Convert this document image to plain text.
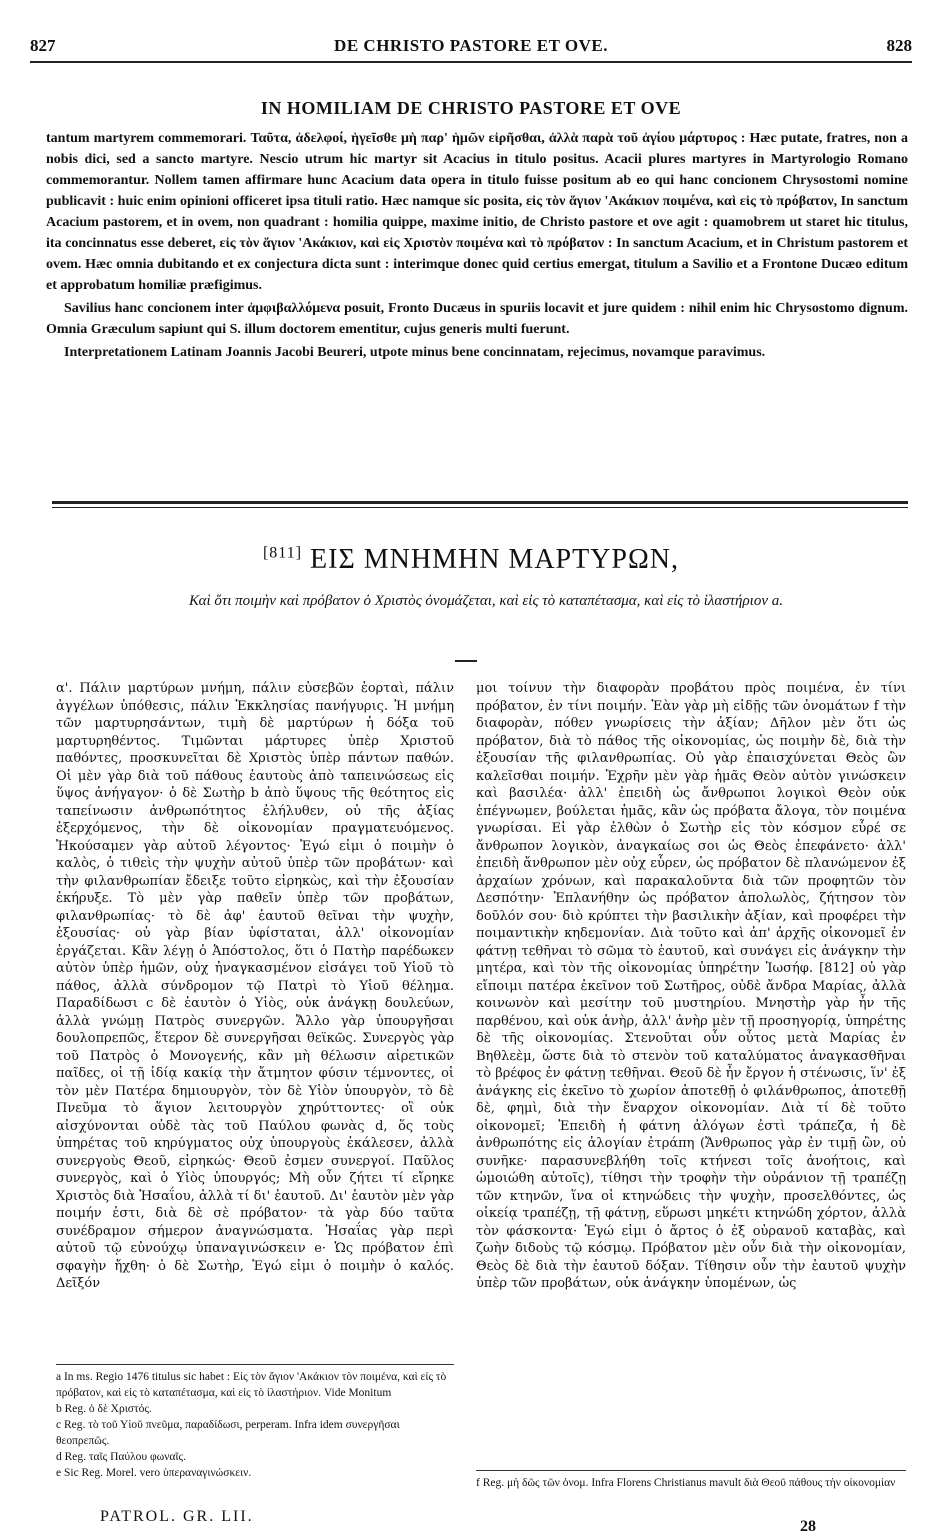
827	DE CHRISTO PASTORE ET OVE.	828
IN HOMILIAM DE CHRISTO PASTORE ET OVE

tantum martyrem commemorari. Ταῦτα, ἀδελφοί, ἡγεῖσθε μὴ παρ' ἡμῶν εἰρῆσθαι, ἀλλὰ παρὰ τοῦ ἁγίου μάρτυρος : Hæc putate, fratres, non a nobis dici, sed a sancto martyre. Nescio utrum hic martyr sit Acacius in titulo positus. Acacii plures martyres in Martyrologio Romano commemorantur. Nollem tamen affirmare hunc Acacium data opera in titulo fuisse positum ab eo qui hanc concionem Chrysostomi nomine publicavit : huic enim opinioni officeret ipsa tituli ratio. Hæc namque sic posita, εἰς τὸν ἅγιον 'Ακάκιον ποιμένα, καὶ εἰς τὸ πρόβατον, In sanctum Acacium pastorem, et in ovem, non quadrant : homilia quippe, maxime initio, de Christo pastore et ove agit : quamobrem ut staret hic titulus, ita concinnatus esse deberet, εἰς τὸν ἅγιον 'Ακάκιον, καὶ εἰς Χριστὸν ποιμένα καὶ τὸ πρόβατον : In sanctum Acacium, et in Christum pastorem et ovem. Hæc omnia dubitando et ex conjectura dicta sunt : interimque donec quid certius emergat, titulum a Savilio et a Frontone Ducæo editum et approbatum homiliæ præfigimus.

Savilius hanc concionem inter ἀμφιβαλλόμενα posuit, Fronto Ducæus in spuriis locavit et jure quidem : nihil enim hic Chrysostomo dignum. Omnia Græculum sapiunt qui S. illum doctorem ementitur, cujus generis multi fuerunt.

Interpretationem Latinam Joannis Jacobi Beureri, utpote minus bene concinnatam, rejecimus, novamque paravimus.

[811] ΕΙΣ ΜΝΗΜΗΝ ΜΑΡΤΥΡΩΝ,
Καὶ ὅτι ποιμὴν καὶ πρόβατον ὁ Χριστὸς ὀνομάζεται, καὶ εἰς τὸ καταπέτασμα, καὶ εἰς τὸ ἱλαστήριον a.

α'. Πάλιν μαρτύρων μνήμη, πάλιν εὐσεβῶν ἑορταὶ, πάλιν ἀγγέλων ὑπόθεσις, πάλιν Ἐκκλησίας πανήγυρις. Ἡ μνήμη τῶν μαρτυρησάντων, τιμὴ δὲ μαρτύρων ἡ δόξα τοῦ μαρτυρηθέντος. Τιμῶνται μάρτυρες ὑπὲρ Χριστοῦ παθόντες, προσκυνεῖται δὲ Χριστὸς ὑπὲρ πάντων παθών. Οἱ μὲν γὰρ διὰ τοῦ πάθους ἑαυτοὺς ἀπὸ ταπεινώσεως εἰς ὕψος ἀνήγαγον· ὁ δὲ Σωτὴρ b ἀπὸ ὕψους τῆς θεότητος εἰς ταπείνωσιν ἀνθρωπότητος ἐλήλυθεν, οὐ τῆς ἀξίας ἐξερχόμενος, τὴν δὲ οἰκονομίαν πραγματευόμενος. Ἠκούσαμεν γὰρ αὐτοῦ λέγοντος· Ἐγώ εἰμι ὁ ποιμὴν ὁ καλὸς, ὁ τιθεὶς τὴν ψυχὴν αὐτοῦ ὑπὲρ τῶν προβάτων· καὶ τὴν φιλανθρωπίαν ἔδειξε τοῦτο εἰρηκὼς, καὶ τὴν ἐξουσίαν ἐκήρυξε. Τὸ μὲν γὰρ παθεῖν ὑπὲρ τῶν προβάτων, φιλανθρωπίας· τὸ δὲ ἀφ' ἑαυτοῦ θεῖναι τὴν ψυχὴν, ἐξουσίας· οὐ γὰρ βίαν ὑφίσταται, ἀλλ' οἰκονομίαν ἐργάζεται. Κἂν λέγῃ ὁ Ἀπόστολος, ὅτι ὁ Πατὴρ παρέδωκεν αὐτὸν ὑπὲρ ἡμῶν, οὐχ ἠναγκασμένον εἰσάγει τοῦ Υἱοῦ τὸ πάθος, ἀλλὰ σύνδρομον τῷ Πατρὶ τὸ Υἱοῦ θέλημα. Παραδίδωσι c δὲ ἑαυτὸν ὁ Υἱὸς, οὐκ ἀνάγκῃ δουλεύων, ἀλλὰ γνώμῃ Πατρὸς συνεργῶν. Ἄλλο γὰρ ὑπουργῆσαι δουλοπρεπῶς, ἕτερον δὲ συνεργῆσαι θεϊκῶς. Συνεργὸς γὰρ τοῦ Πατρὸς ὁ Μονογενής, κἂν μὴ θέλωσιν αἱρετικῶν παῖδες, οἱ τῇ ἰδίᾳ κακίᾳ τὴν ἄτμητον φύσιν τέμνοντες, οἱ τὸν μὲν Πατέρα δημιουργὸν, τὸν δὲ Υἱὸν ὑπουργὸν, τὸ δὲ Πνεῦμα τὸ ἅγιον λειτουργὸν χηρύττοντες· οἳ οὐκ αἰσχύνονται οὐδὲ τὰς τοῦ Παύλου φωνὰς d, ὅς τοὺς ὑπηρέτας τοῦ κηρύγματος οὐχ ὑπουργοὺς ἐκάλεσεν, ἀλλὰ συνεργοὺς Θεοῦ, εἰρηκώς· Θεοῦ ἐσμεν συνεργοί. Παῦλος συνεργὸς, καὶ ὁ Υἱὸς ὑπουργός; Μὴ οὖν ζήτει τί εἴρηκε Χριστὸς διὰ Ἡσαΐου, ἀλλὰ τί δι' ἑαυτοῦ. Δι' ἑαυτὸν μὲν γὰρ ποιμήν ἐστι, διὰ δὲ σὲ πρόβατον· τὰ γὰρ δύο ταῦτα συνέδραμον σήμερον ἀναγνώσματα. Ἡσαΐας γὰρ περὶ αὐτοῦ τῷ εὐνούχῳ ὑπαναγινώσκειν e· Ὡς πρόβατον ἐπὶ σφαγὴν ἤχθη· ὁ δὲ Σωτὴρ, Ἐγώ εἰμι ὁ ποιμὴν ὁ καλός. Δεῖξόν

μοι τοίνυν τὴν διαφορὰν προβάτου πρὸς ποιμένα, ἐν τίνι πρόβατον, ἐν τίνι ποιμήν. Ἐὰν γὰρ μὴ εἰδῇς τῶν ὀνομάτων f τὴν διαφορὰν, πόθεν γνωρίσεις τὴν ἀξίαν; Δῆλον μὲν ὅτι ὡς πρόβατον, διὰ τὸ πάθος τῆς οἰκονομίας, ὡς ποιμὴν δὲ, διὰ τὴν ἐξουσίαν τῆς φιλανθρωπίας. Οὐ γὰρ ἐπαισχύνεται Θεὸς ὢν καλεῖσθαι ποιμήν. Ἐχρῆν μὲν γὰρ ἡμᾶς Θεὸν αὐτὸν γινώσκειν καὶ βασιλέα· ἀλλ' ἐπειδὴ ὡς ἄνθρωποι λογικοὶ Θεὸν οὐκ ἐπέγνωμεν, βούλεται ἡμᾶς, κἂν ὡς πρόβατα ἄλογα, τὸν ποιμένα γνωρίσαι. Εἰ γὰρ ἐλθὼν ὁ Σωτὴρ εἰς τὸν κόσμον εὗρέ σε ἄνθρωπον λογικὸν, ἀναγκαίως σοι ὡς Θεὸς ἐπεφάνετο· ἀλλ' ἐπειδὴ ἄνθρωπον μὲν οὐχ εὗρεν, ὡς πρόβατον δὲ πλανώμενον ἐξ ἀρχαίων χρόνων, καὶ παρακαλοῦντα διὰ τῶν προφητῶν τὸν Δεσπότην· Ἐπλανήθην ὡς πρόβατον ἀπολωλὸς, ζήτησον τὸν δοῦλόν σου· διὸ κρύπτει τὴν βασιλικὴν ἀξίαν, καὶ προφέρει τὴν ποιμαντικὴν κηδεμονίαν. Διὰ τοῦτο καὶ ἀπ' ἀρχῆς οἰκονομεῖ ἐν φάτνῃ τεθῆναι τὸ σῶμα τὸ ἑαυτοῦ, καὶ συνάγει εἰς ἀνάγκην τὴν μητέρα, καὶ τὸν τῆς οἰκονομίας ὑπηρέτην Ἰωσήφ. [812] οὐ γὰρ εἴποιμι πατέρα ἐκεῖνον τοῦ Σωτῆρος, οὐδὲ ἄνδρα Μαρίας, ἀλλὰ κοινωνὸν καὶ μεσίτην τοῦ μυστηρίου. Μνηστὴρ γὰρ ἦν τῆς παρθένου, καὶ οὐκ ἀνὴρ, ἀλλ' ἀνὴρ μὲν τῇ προσηγορίᾳ, ὑπηρέτης δὲ τῆς οἰκονομίας. Στενοῦται οὖν οὗτος μετὰ Μαρίας ἐν Βηθλεὲμ, ὥστε διὰ τὸ στενὸν τοῦ καταλύματος ἀναγκασθῆναι τὸ βρέφος ἐν φάτνῃ τεθῆναι. Θεοῦ δὲ ἦν ἔργον ἡ στένωσις, ἵν' ἐξ ἀνάγκης εἰς ἐκεῖνο τὸ χωρίον ἀποτεθῇ ὁ φιλάνθρωπος, ἀποτεθῇ δὲ, φημὶ, διὰ τὴν ἔναρχον οἰκονομίαν. Διὰ τί δὲ τοῦτο οἰκονομεῖ; Ἐπειδὴ ἡ φάτνη ἀλόγων ἐστὶ τράπεζα, ἡ δὲ ἀνθρωπότης εἰς ἀλογίαν ἐτράπη (Ἄνθρωπος γὰρ ἐν τιμῇ ὢν, οὐ συνῆκε· παρασυνεβλήθη τοῖς κτήνεσι τοῖς ἀνοήτοις, καὶ ὡμοιώθη αὐτοῖς), τίθησι τὴν τροφὴν τὴν οὐράνιον τῇ τραπέζῃ τῶν κτηνῶν, ἵνα οἱ κτηνώδεις τὴν ψυχὴν, προσελθόντες, ὡς οἰκείᾳ τραπέζῃ, τῇ φάτνῃ, εὕρωσι μηκέτι κτηνώδη χόρτον, ἀλλὰ τὸν φάσκοντα· Ἐγώ εἰμι ὁ ἄρτος ὁ ἐξ οὐρανοῦ καταβὰς, καὶ ζωὴν διδοὺς τῷ κόσμῳ. Πρόβατον μὲν οὖν διὰ τὴν οἰκονομίαν, Θεὸς δὲ διὰ τὴν ἑαυτοῦ δόξαν. Τίθησιν οὖν τὴν ἑαυτοῦ ψυχὴν ὑπὲρ τῶν προβάτων, οὐκ ἀνάγκην ὑπομένων, ὡς

a In ms. Regio 1476 titulus sic habet : Εἰς τὸν ἅγιον 'Ακάκιον τὸν ποιμένα, καὶ εἰς τὸ πρόβατον, καὶ εἰς τὸ καταπέτασμα, καὶ εἰς τὸ ἱλαστήριον. Vide Monitum

b Reg. ὁ δὲ Χριστός.

c Reg. τὸ τοῦ Υἱοῦ πνεῦμα, παραδίδωσι, perperam. Infra idem συνεργῆσαι θεοπρεπῶς.

d Reg. ταῖς Παύλου φωναῖς.

e Sic Reg. Morel. vero ὑπεραναγινώσκειν.

f Reg. μὴ δῶς τῶν ὀνομ. Infra Florens Christianus mavult διὰ Θεοῦ πάθους τὴν οἰκονομίαν

PATROL. GR. LII.
28
